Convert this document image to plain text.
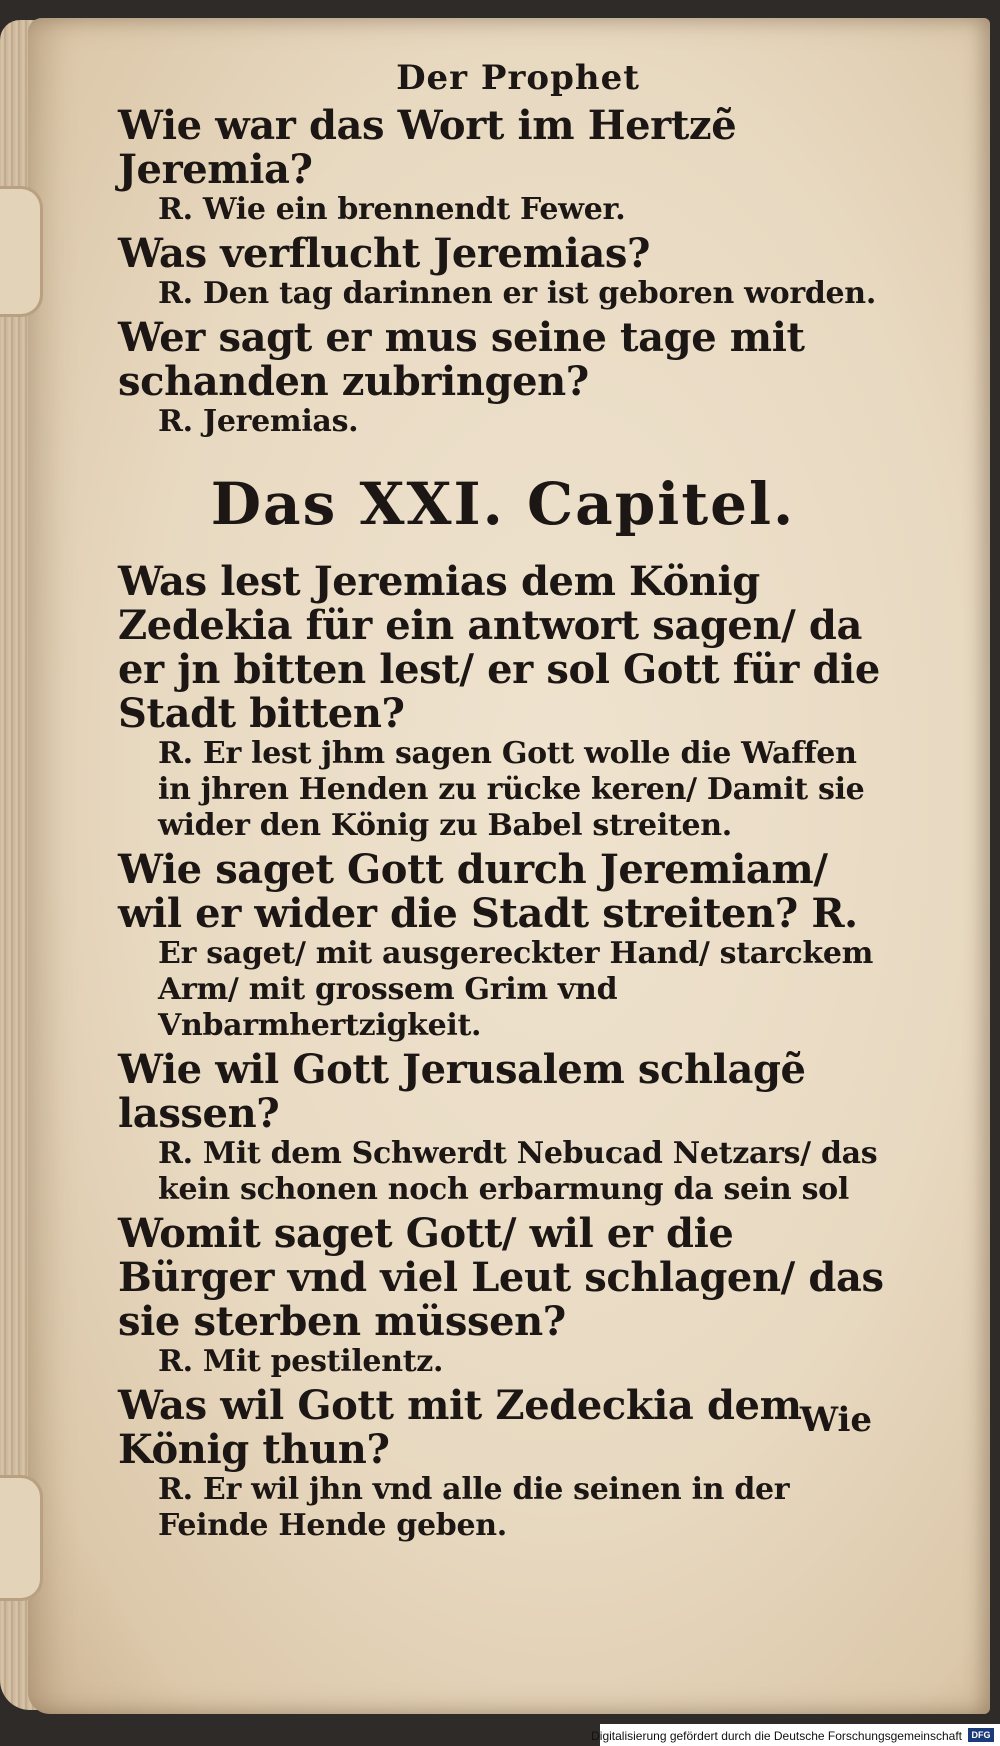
Der Prophet

Wie war das Wort im Hertzẽ Jeremia?

R. Wie ein brennendt Fewer.

Was verflucht Jeremias?

R. Den tag darinnen er ist geboren worden.

Wer sagt er mus seine tage mit schanden zubringen?

R. Jeremias.

Das XXI. Capitel.

Was lest Jeremias dem König Zedekia für ein antwort sagen/ da er jn bitten lest/ er sol Gott für die Stadt bitten?

R. Er lest jhm sagen Gott wolle die Waffen in jhren Henden zu rücke keren/ Damit sie wider den König zu Babel streiten.

Wie saget Gott durch Jeremiam/ wil er wider die Stadt streiten? R.

Er saget/ mit ausgereckter Hand/ starckem Arm/ mit grossem Grim vnd Vnbarmhertzigkeit.

Wie wil Gott Jerusalem schlagẽ lassen?

R. Mit dem Schwerdt Nebucad Netzars/ das kein schonen noch erbarmung da sein sol

Womit saget Gott/ wil er die Bürger vnd viel Leut schlagen/ das sie sterben müssen?

R. Mit pestilentz.

Was wil Gott mit Zedeckia dem König thun?

R. Er wil jhn vnd alle die seinen in der Feinde Hende geben.

Wie
Digitalisierung gefördert durch die Deutsche Forschungsgemeinschaft	DFG
